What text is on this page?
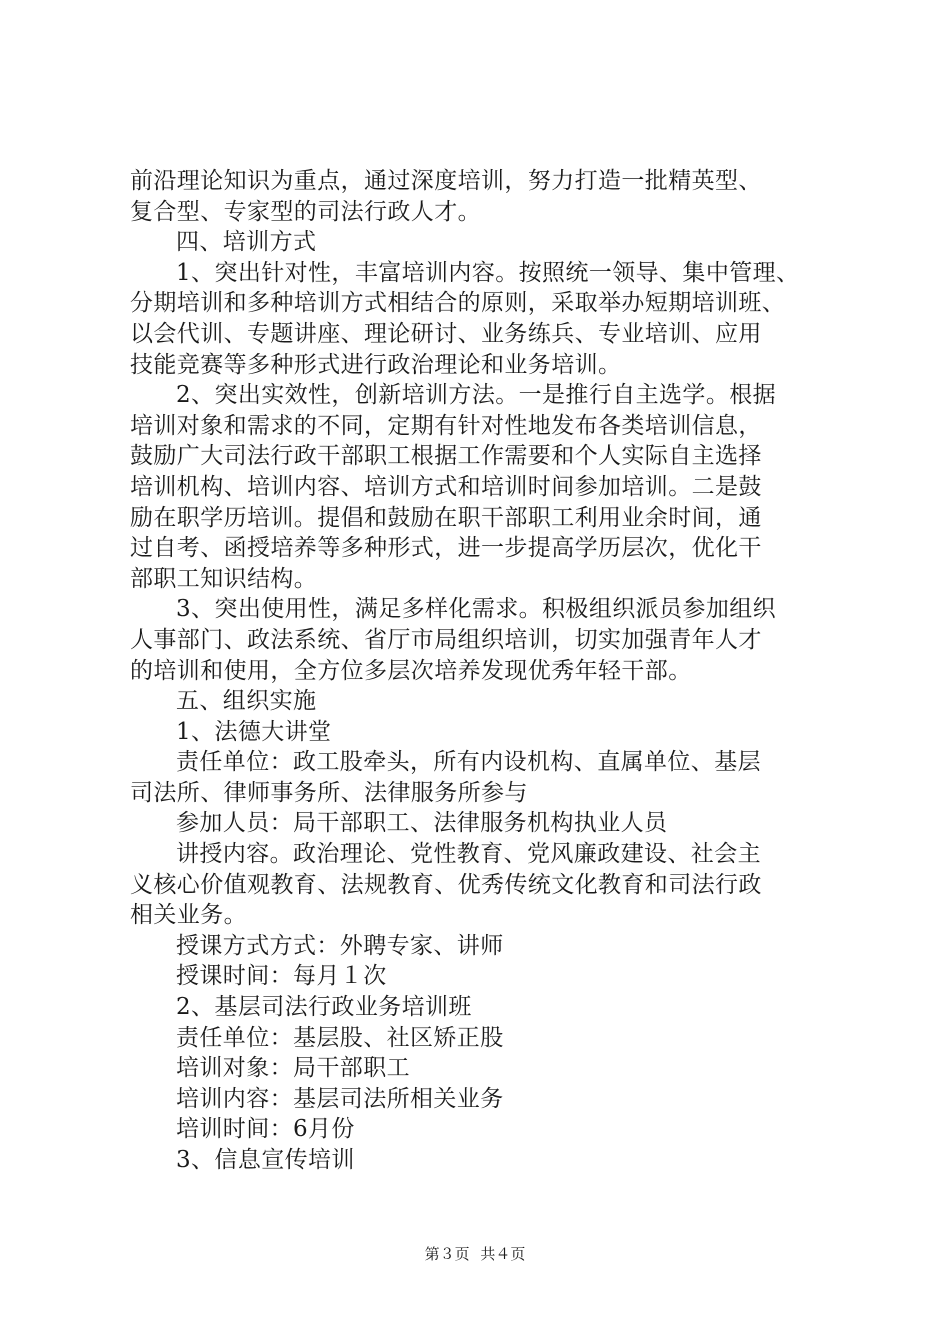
前沿理论知识为重点，通过深度培训，努力打造一批精英型、
复合型、专家型的司法行政人才。
四、培训方式
1、突出针对性，丰富培训内容。按照统一领导、集中管理、
分期培训和多种培训方式相结合的原则，采取举办短期培训班、
以会代训、专题讲座、理论研讨、业务练兵、专业培训、应用
技能竞赛等多种形式进行政治理论和业务培训。
2、突出实效性，创新培训方法。一是推行自主选学。根据
培训对象和需求的不同，定期有针对性地发布各类培训信息，
鼓励广大司法行政干部职工根据工作需要和个人实际自主选择
培训机构、培训内容、培训方式和培训时间参加培训。二是鼓
励在职学历培训。提倡和鼓励在职干部职工利用业余时间，通
过自考、函授培养等多种形式，进一步提高学历层次，优化干
部职工知识结构。
3、突出使用性，满足多样化需求。积极组织派员参加组织
人事部门、政法系统、省厅市局组织培训，切实加强青年人才
的培训和使用，全方位多层次培养发现优秀年轻干部。
五、组织实施
1、法德大讲堂
责任单位：政工股牵头，所有内设机构、直属单位、基层
司法所、律师事务所、法律服务所参与
参加人员：局干部职工、法律服务机构执业人员
讲授内容。政治理论、党性教育、党风廉政建设、社会主
义核心价值观教育、法规教育、优秀传统文化教育和司法行政
相关业务。
授课方式方式：外聘专家、讲师
授课时间：每月１次
2、基层司法行政业务培训班
责任单位：基层股、社区矫正股
培训对象：局干部职工
培训内容：基层司法所相关业务
培训时间：6月份
3、信息宣传培训
第３页 共４页
